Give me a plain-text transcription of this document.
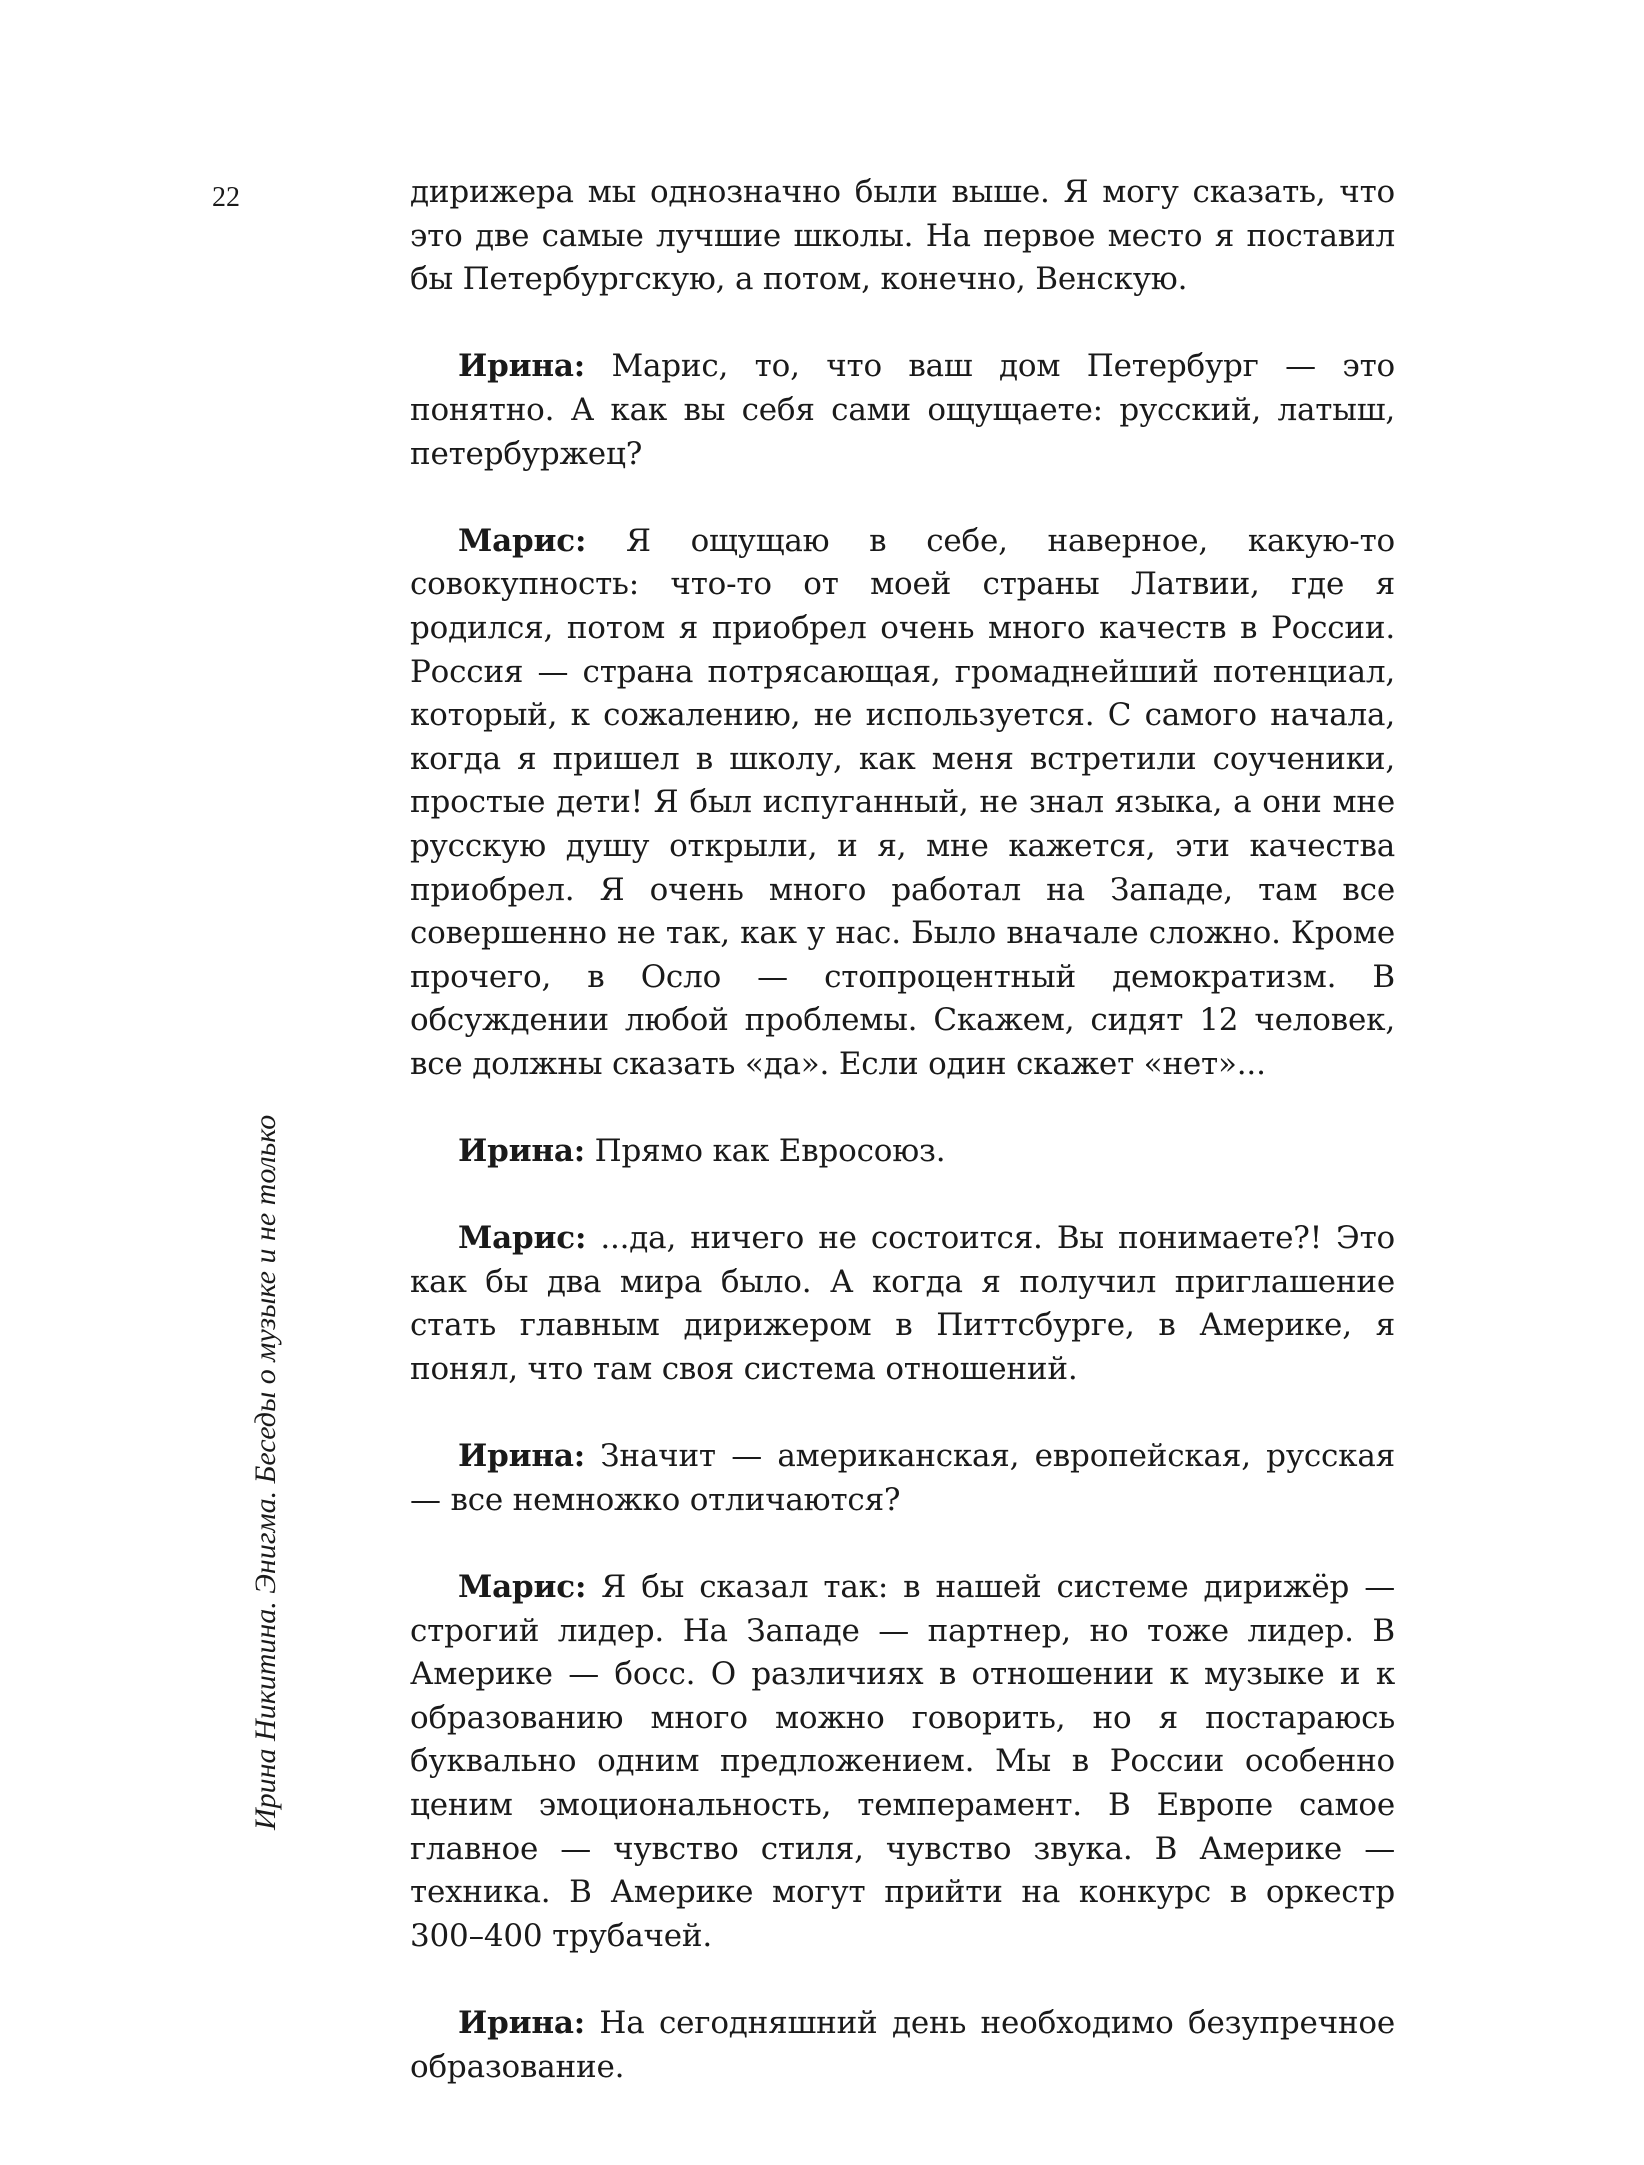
22
Ирина Никитина. Энигма. Беседы о музыке и не только

дирижера мы однозначно были выше. Я могу сказать, что это две самые лучшие школы. На первое место я поставил бы Петербургскую, а потом, конечно, Венскую.

Ирина: Марис, то, что ваш дом Петербург — это понятно. А как вы себя сами ощущаете: русский, латыш, петербуржец?

Марис: Я ощущаю в себе, наверное, какую-то совокупность: что-то от моей страны Латвии, где я родился, потом я приобрел очень много качеств в России. Россия — страна потрясающая, громаднейший потенциал, который, к сожалению, не используется. С самого начала, когда я пришел в школу, как меня встретили соученики, простые дети! Я был испуганный, не знал языка, а они мне русскую душу открыли, и я, мне кажется, эти качества приобрел. Я очень много работал на Западе, там все совершенно не так, как у нас. Было вначале сложно. Кроме прочего, в Осло — стопроцентный демократизм. В обсуждении любой проблемы. Скажем, сидят 12 человек, все должны сказать «да». Если один скажет «нет»...

Ирина: Прямо как Евросоюз.

Марис: ...да, ничего не состоится. Вы понимаете?! Это как бы два мира было. А когда я получил приглашение стать главным дирижером в Питтсбурге, в Америке, я понял, что там своя система отношений.

Ирина: Значит — американская, европейская, русская — все немножко отличаются?

Марис: Я бы сказал так: в нашей системе дирижёр — строгий лидер. На Западе — партнер, но тоже лидер. В Америке — босс. О различиях в отношении к музыке и к образованию много можно говорить, но я постараюсь буквально одним предложением. Мы в России особенно ценим эмоциональность, темперамент. В Европе самое главное — чувство стиля, чувство звука. В Америке — техника. В Америке могут прийти на конкурс в оркестр 300–400 трубачей.

Ирина: На сегодняшний день необходимо безупречное образование.
